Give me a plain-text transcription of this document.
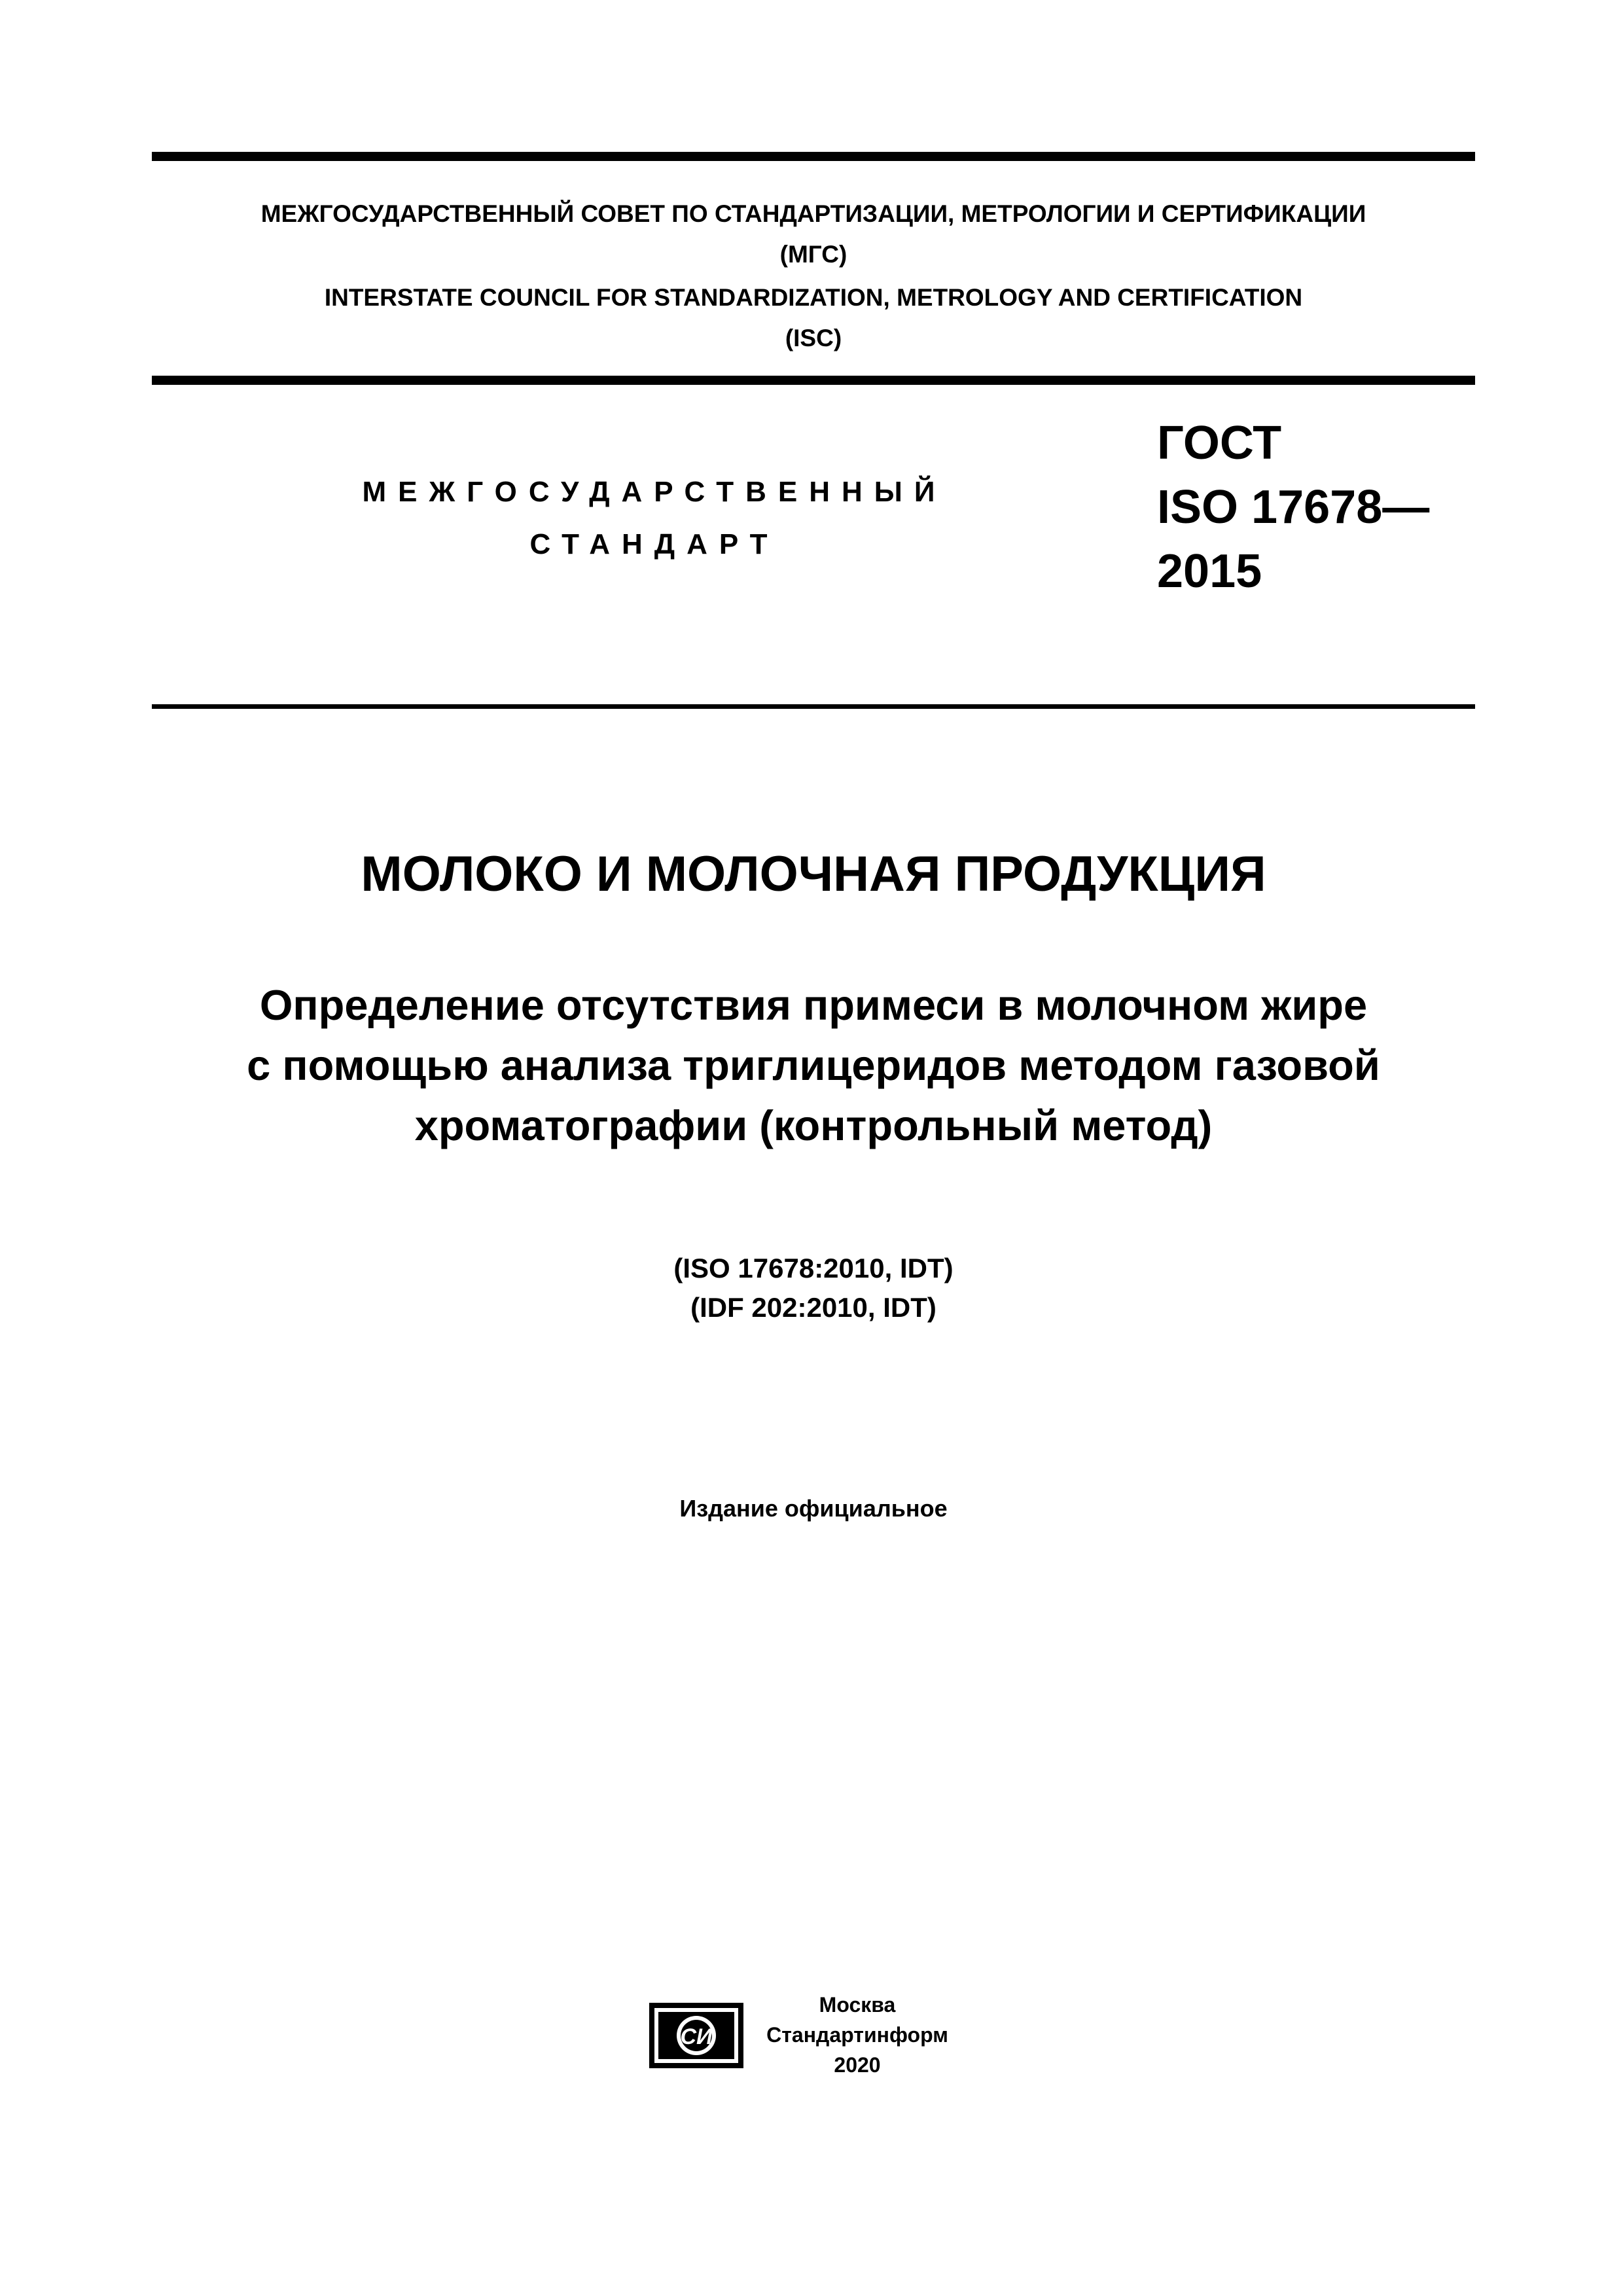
МЕЖГОСУДАРСТВЕННЫЙ СОВЕТ ПО СТАНДАРТИЗАЦИИ, МЕТРОЛОГИИ И СЕРТИФИКАЦИИ

(МГС)

INTERSTATE COUNCIL FOR STANDARDIZATION, METROLOGY AND CERTIFICATION

(ISC)

МЕЖГОСУДАРСТВЕННЫЙ
СТАНДАРТ
ГОСТ
ISO 17678—
2015
МОЛОКО И МОЛОЧНАЯ ПРОДУКЦИЯ
Определение отсутствия примеси в молочном жире
с помощью анализа триглицеридов методом газовой
хроматографии (контрольный метод)
(ISO 17678:2010, IDT)
(IDF 202:2010, IDT)
Издание официальное
СИ
Москва
Стандартинформ
2020
